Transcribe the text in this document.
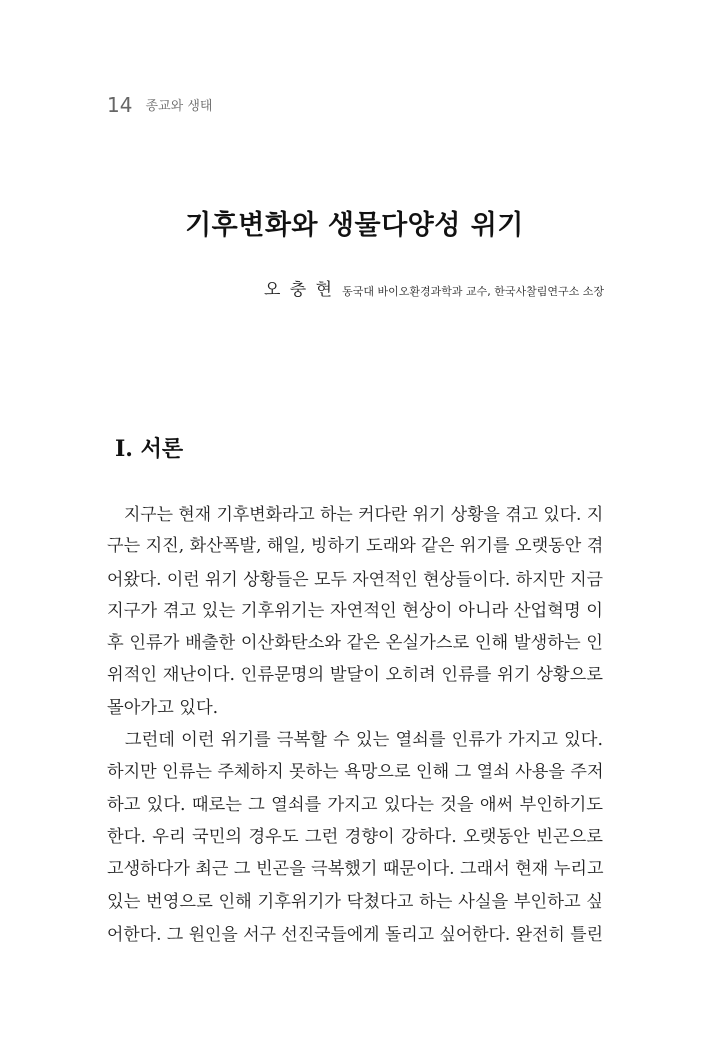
14 종교와 생태
기후변화와 생물다양성 위기
오 충 현 동국대 바이오환경과학과 교수, 한국사찰림연구소 소장
Ⅰ. 서론
　지구는 현재 기후변화라고 하는 커다란 위기 상황을 겪고 있다. 지
구는 지진, 화산폭발, 해일, 빙하기 도래와 같은 위기를 오랫동안 겪
어왔다. 이런 위기 상황들은 모두 자연적인 현상들이다. 하지만 지금
지구가 겪고 있는 기후위기는 자연적인 현상이 아니라 산업혁명 이
후 인류가 배출한 이산화탄소와 같은 온실가스로 인해 발생하는 인
위적인 재난이다. 인류문명의 발달이 오히려 인류를 위기 상황으로
몰아가고 있다.
　그런데 이런 위기를 극복할 수 있는 열쇠를 인류가 가지고 있다.
하지만 인류는 주체하지 못하는 욕망으로 인해 그 열쇠 사용을 주저
하고 있다. 때로는 그 열쇠를 가지고 있다는 것을 애써 부인하기도
한다. 우리 국민의 경우도 그런 경향이 강하다. 오랫동안 빈곤으로
고생하다가 최근 그 빈곤을 극복했기 때문이다. 그래서 현재 누리고
있는 번영으로 인해 기후위기가 닥쳤다고 하는 사실을 부인하고 싶
어한다. 그 원인을 서구 선진국들에게 돌리고 싶어한다. 완전히 틀린
